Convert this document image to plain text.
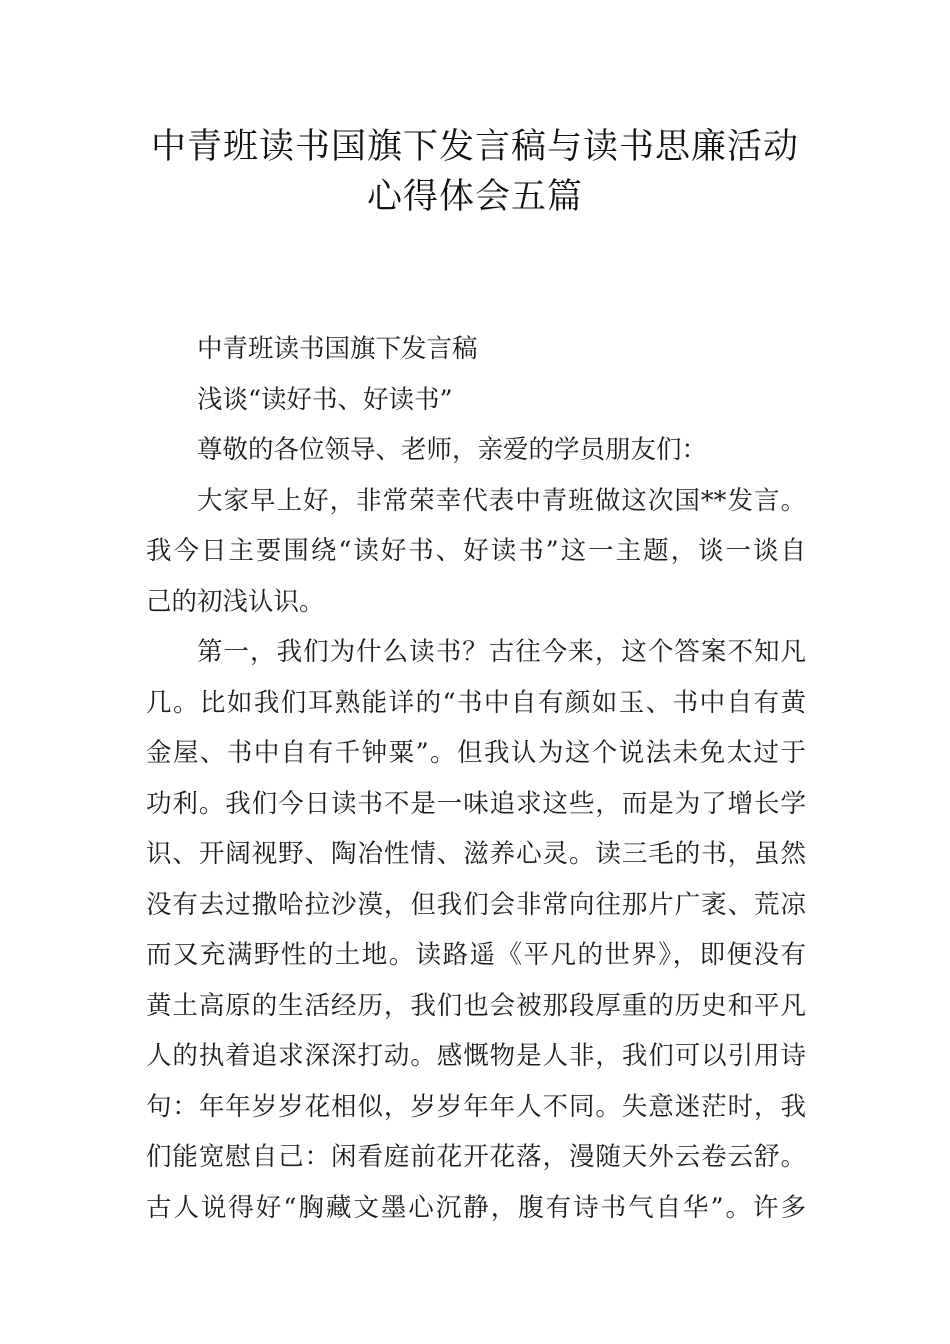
中青班读书国旗下发言稿与读书思廉活动
心得体会五篇
中青班读书国旗下发言稿
浅谈“读好书、好读书”
尊敬的各位领导、老师，亲爱的学员朋友们：
大家早上好，非常荣幸代表中青班做这次国**发言。
我今日主要围绕“读好书、好读书”这一主题，谈一谈自
己的初浅认识。
第一，我们为什么读书？古往今来，这个答案不知凡
几。比如我们耳熟能详的“书中自有颜如玉、书中自有黄
金屋、书中自有千钟粟”。但我认为这个说法未免太过于
功利。我们今日读书不是一味追求这些，而是为了增长学
识、开阔视野、陶冶性情、滋养心灵。读三毛的书，虽然
没有去过撒哈拉沙漠，但我们会非常向往那片广袤、荒凉
而又充满野性的土地。读路遥《平凡的世界》，即便没有
黄土高原的生活经历，我们也会被那段厚重的历史和平凡
人的执着追求深深打动。感慨物是人非，我们可以引用诗
句：年年岁岁花相似，岁岁年年人不同。失意迷茫时，我
们能宽慰自己：闲看庭前花开花落，漫随天外云卷云舒。
古人说得好“胸藏文墨心沉静，腹有诗书气自华”。许多
